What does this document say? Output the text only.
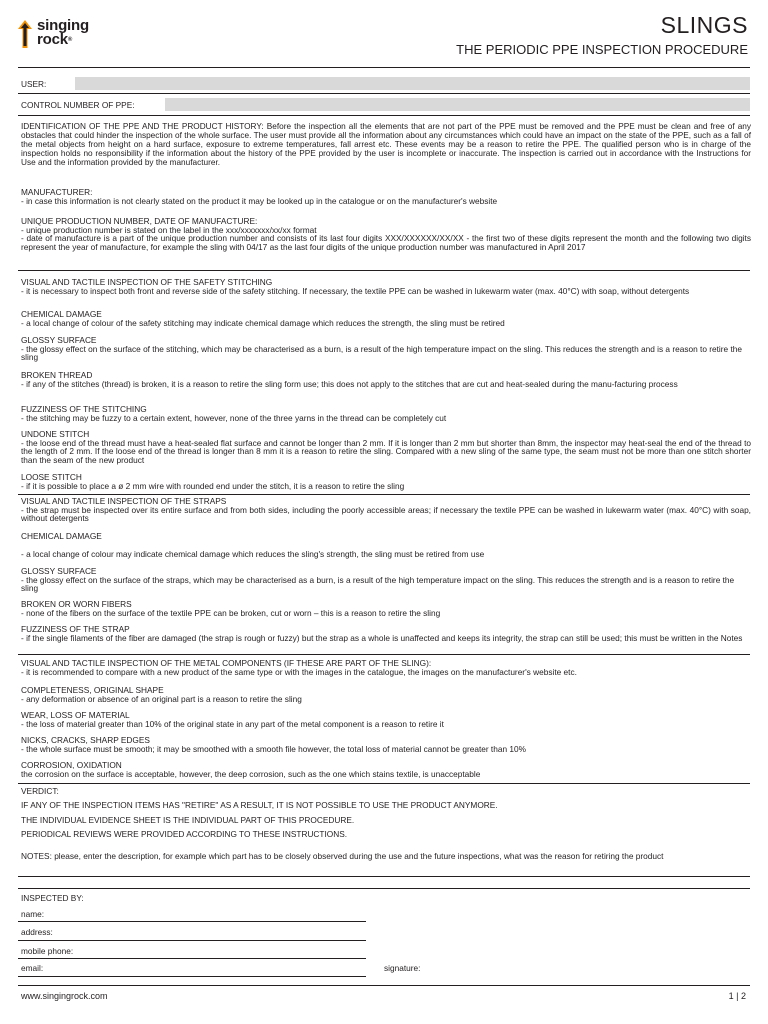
singing
rock®
SLINGS
THE PERIODIC PPE INSPECTION PROCEDURE
USER:
CONTROL NUMBER OF PPE:
IDENTIFICATION OF THE PPE AND THE PRODUCT HISTORY: Before the inspection all the elements that are not part of the PPE must be removed and the PPE must be clean and free of any obstacles that could hinder the inspection of the whole surface. The user must provide all the information about any circumstances which could have an impact on the state of the PPE, such as a fall of the metal objects from height on a hard surface, exposure to extreme temperatures, fall arrest etc. These events may be a reason to retire the PPE. The qualified person who is in charge of the inspection holds no responsibility if the information about the history of the PPE provided by the user is incomplete or inaccurate. The inspection is carried out in accordance with the Instructions for Use and the information provided by the manufacturer.
MANUFACTURER:
- in case this information is not clearly stated on the product it may be looked up in the catalogue or on the manufacturer's website
UNIQUE PRODUCTION NUMBER, DATE OF MANUFACTURE:
- unique production number is stated on the label in the xxx/xxxxxxx/xx/xx format
- date of manufacture is a part of the unique production number and consists of its last four digits XXX/XXXXXX/XX/XX - the first two of these digits represent the month and the following two digits represent the year of manufacture, for example the sling with 04/17 as the last four digits of the unique production number was manufactured in April 2017
VISUAL AND TACTILE INSPECTION OF THE SAFETY STITCHING
- it is necessary to inspect both front and reverse side of the safety stitching. If necessary, the textile PPE can be washed in lukewarm water (max. 40°C) with soap, without detergents
CHEMICAL DAMAGE
- a local change of colour of the safety stitching may indicate chemical damage which reduces the strength, the sling must be retired
GLOSSY SURFACE
- the glossy effect on the surface of the stitching, which may be characterised as a burn, is a result of the high temperature impact on the sling. This reduces the strength and is a reason to retire the sling
BROKEN THREAD
- if any of the stitches (thread) is broken, it is a reason to retire the sling form use; this does not apply to the stitches that are cut and heat-sealed during the manu-facturing process
FUZZINESS OF THE STITCHING
- the stitching may be fuzzy to a certain extent, however, none of the three yarns in the thread can be completely cut
UNDONE STITCH
- the loose end of the thread must have a heat-sealed flat surface and cannot be longer than 2 mm. If it is longer than 2 mm but shorter than 8mm, the inspector may heat-seal the end of the thread to the length of 2 mm. If the loose end of the thread is longer than 8 mm it is a reason to retire the sling. Compared with a new sling of the same type, the seam must not be more than one stitch shorter than the seam of the new product
LOOSE STITCH
- if it is possible to place a ø 2 mm wire with rounded end under the stitch, it is a reason to retire the sling
VISUAL AND TACTILE INSPECTION OF THE STRAPS
- the strap must be inspected over its entire surface and from both sides, including the poorly accessible areas; if necessary the textile PPE can be washed in lukewarm water (max. 40°C) with soap, without detergents
CHEMICAL DAMAGE
- a local change of colour may indicate chemical damage which reduces the sling's strength, the sling must be retired from use
GLOSSY SURFACE
- the glossy effect on the surface of the straps, which may be characterised as a burn, is a result of the high temperature impact on the sling. This reduces the strength and is a reason to retire the sling
BROKEN OR WORN FIBERS
- none of the fibers on the surface of the textile PPE can be broken, cut or worn – this is a reason to retire the sling
FUZZINESS OF THE STRAP
- if the single filaments of the fiber are damaged (the strap is rough or fuzzy) but the strap as a whole is unaffected and keeps its integrity, the strap can still be used; this must be written in the Notes
VISUAL AND TACTILE INSPECTION OF THE METAL COMPONENTS (IF THESE ARE PART OF THE SLING):
- it is recommended to compare with a new product of the same type or with the images in the catalogue, the images on the manufacturer's website etc.
COMPLETENESS, ORIGINAL SHAPE
- any deformation or absence of an original part is a reason to retire the sling
WEAR, LOSS OF MATERIAL
- the loss of material greater than 10% of the original state in any part of the metal component is a reason to retire it
NICKS, CRACKS, SHARP EDGES
- the whole surface must be smooth; it may be smoothed with a smooth file however, the total loss of material cannot be greater than 10%
CORROSION, OXIDATION
the corrosion on the surface is acceptable, however, the deep corrosion, such as the one which stains textile, is unacceptable
VERDICT:
IF ANY OF THE INSPECTION ITEMS HAS "RETIRE" AS A RESULT, IT IS NOT POSSIBLE TO USE THE PRODUCT ANYMORE.
THE INDIVIDUAL EVIDENCE SHEET IS THE INDIVIDUAL PART OF THIS PROCEDURE.
PERIODICAL REVIEWS WERE PROVIDED ACCORDING TO THESE INSTRUCTIONS.
NOTES: please, enter the description, for example which part has to be closely observed during the use and the future inspections, what was the reason for retiring the product
INSPECTED BY:
name:
address:
mobile phone:
email:	signature:
www.singingrock.com	1 | 2
